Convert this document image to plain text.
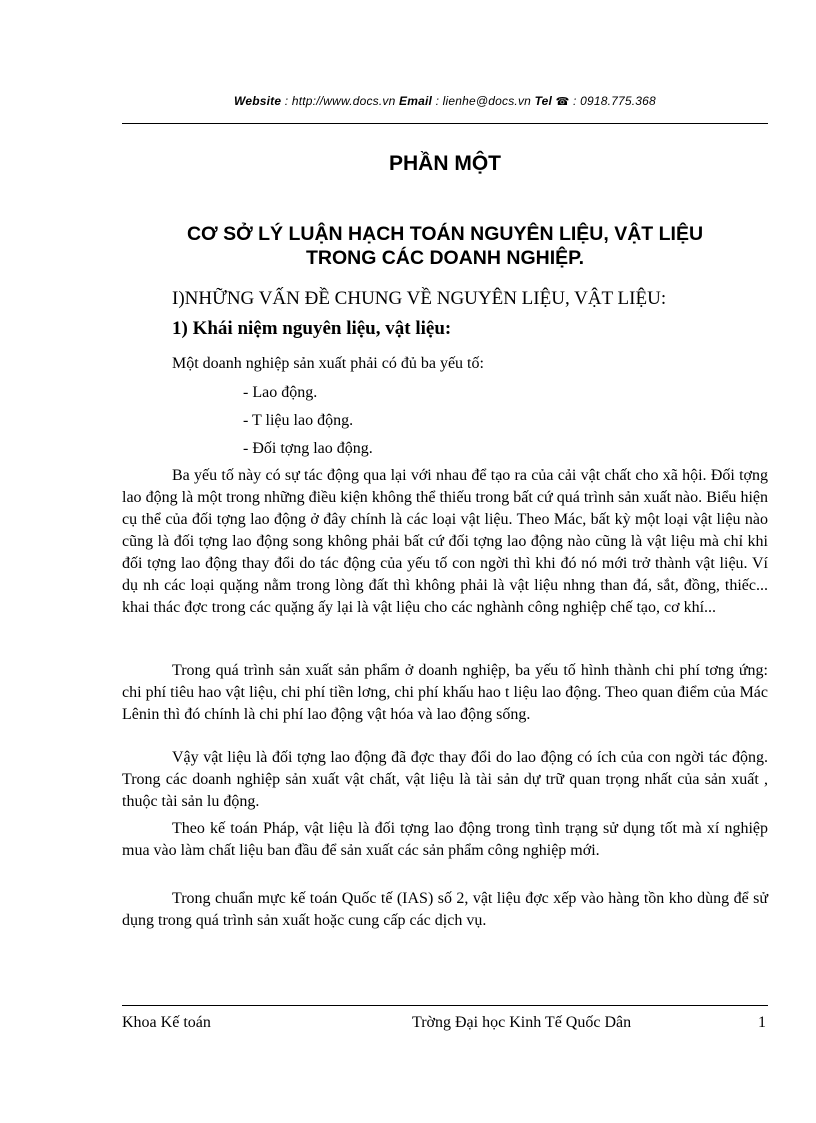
Website : http://www.docs.vn Email : lienhe@docs.vn Tel ☎ : 0918.775.368
PHẦN MỘT
CƠ SỞ LÝ LUẬN HẠCH TOÁN NGUYÊN LIỆU, VẬT LIỆU
TRONG CÁC DOANH NGHIỆP.
I)NHỮNG VẤN ĐỀ CHUNG VỀ NGUYÊN LIỆU, VẬT LIỆU:
1) Khái niệm nguyên liệu, vật liệu:
Một doanh nghiệp sản xuất phải có đủ ba yếu tố:
- Lao động.
- T liệu lao động.
- Đối tợng lao động.

Ba yếu tố này có sự tác động qua lại với nhau để tạo ra của cải vật chất cho xã hội. Đối tợng lao động là một trong những điều kiện không thể thiếu trong bất cứ quá trình sản xuất nào. Biểu hiện cụ thể của đối tợng lao động ở đây chính là các loại vật liệu. Theo Mác, bất kỳ một loại vật liệu nào cũng là đối tợng lao động song không phải bất cứ đối tợng lao động nào cũng là vật liệu mà chỉ khi đối tợng lao động thay đổi do tác động của yếu tố con ngời thì khi đó nó mới trở thành vật liệu. Ví dụ nh các loại quặng nằm trong lòng đất thì không phải là vật liệu nhng than đá, sắt, đồng, thiếc... khai thác đợc trong các quặng ấy lại là vật liệu cho các nghành công nghiệp chế tạo, cơ khí...

Trong quá trình sản xuất sản phẩm ở doanh nghiệp, ba yếu tố hình thành chi phí tơng ứng: chi phí tiêu hao vật liệu, chi phí tiền lơng, chi phí khấu hao t liệu lao động. Theo quan điểm của Mác Lênin thì đó chính là chi phí lao động vật hóa và lao động sống.

Vậy vật liệu là đối tợng lao động đã đợc thay đổi do lao động có ích của con ngời tác động. Trong các doanh nghiệp sản xuất vật chất, vật liệu là tài sản dự trữ quan trọng nhất của sản xuất , thuộc tài sản lu động.

Theo kế toán Pháp, vật liệu là đối tợng lao động trong tình trạng sử dụng tốt mà xí nghiệp mua vào làm chất liệu ban đầu để sản xuất các sản phẩm công nghiệp mới.

Trong chuẩn mực kế toán Quốc tế (IAS) số 2, vật liệu đợc xếp vào hàng tồn kho dùng để sử dụng trong quá trình sản xuất hoặc cung cấp các dịch vụ.

Khoa Kế toán	Trờng Đại học Kinh Tế Quốc Dân	1
